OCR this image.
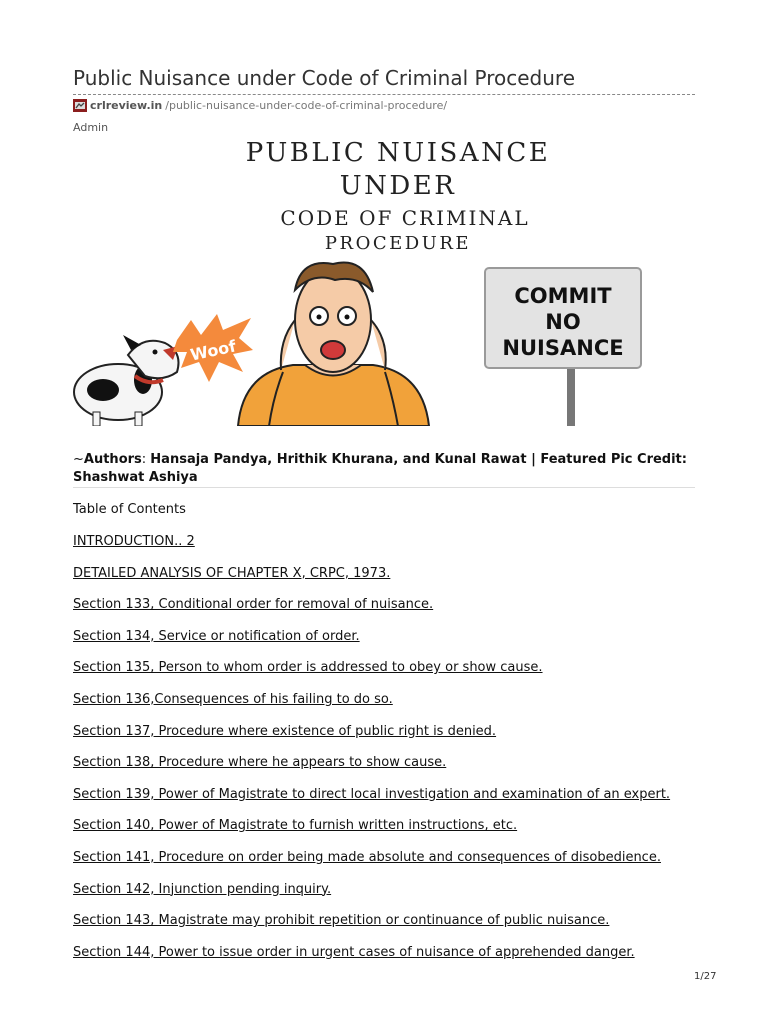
Public Nuisance under Code of Criminal Procedure
crlreview.in /public-nuisance-under-code-of-criminal-procedure/
Admin
PUBLIC NUISANCE
UNDER
CODE OF CRIMINAL
PROCEDURE
Woof
COMMIT
NO
NUISANCE

~Authors: Hansaja Pandya, Hrithik Khurana, and Kunal Rawat | Featured Pic Credit: Shashwat Ashiya

Table of Contents
INTRODUCTION.. 2
DETAILED ANALYSIS OF CHAPTER X, CRPC, 1973.
Section 133, Conditional order for removal of nuisance.
Section 134, Service or notification of order.
Section 135, Person to whom order is addressed to obey or show cause.
Section 136,Consequences of his failing to do so.
Section 137, Procedure where existence of public right is denied.
Section 138, Procedure where he appears to show cause.
Section 139, Power of Magistrate to direct local investigation and examination of an expert.
Section 140, Power of Magistrate to furnish written instructions, etc.
Section 141, Procedure on order being made absolute and consequences of disobedience.
Section 142, Injunction pending inquiry.
Section 143, Magistrate may prohibit repetition or continuance of public nuisance.
Section 144, Power to issue order in urgent cases of nuisance of apprehended danger.
1/27
